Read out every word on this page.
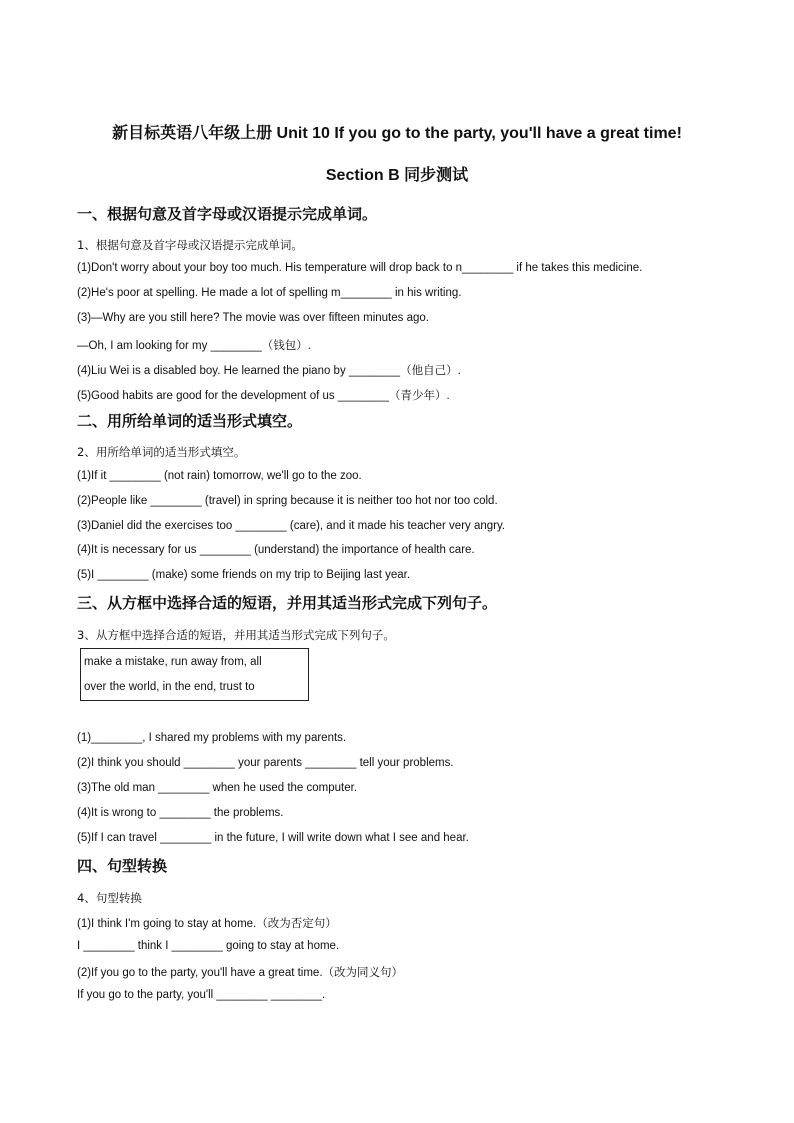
新目标英语八年级上册 Unit 10 If you go to the party, you'll have a great time!
Section B 同步测试
一、根据句意及首字母或汉语提示完成单词。
1、根据句意及首字母或汉语提示完成单词。
(1)Don't worry about your boy too much. His temperature will drop back to n________ if he takes this medicine.
(2)He's poor at spelling. He made a lot of spelling m________ in his writing.
(3)—Why are you still here? The movie was over fifteen minutes ago.
—Oh, I am looking for my ________（钱包）.
(4)Liu Wei is a disabled boy. He learned the piano by ________（他自己）.
(5)Good habits are good for the development of us ________（青少年）.
二、用所给单词的适当形式填空。
2、用所给单词的适当形式填空。
(1)If it ________ (not rain) tomorrow, we'll go to the zoo.
(2)People like ________ (travel) in spring because it is neither too hot nor too cold.
(3)Daniel did the exercises too ________ (care), and it made his teacher very angry.
(4)It is necessary for us ________ (understand) the importance of health care.
(5)I ________ (make) some friends on my trip to Beijing last year.
三、从方框中选择合适的短语，并用其适当形式完成下列句子。
3、从方框中选择合适的短语，并用其适当形式完成下列句子。
make a mistake, run away from, all
over the world, in the end, trust to
(1)________, I shared my problems with my parents.
(2)I think you should ________ your parents ________ tell your problems.
(3)The old man ________ when he used the computer.
(4)It is wrong to ________ the problems.
(5)If I can travel ________ in the future, I will write down what I see and hear.
四、句型转换
4、句型转换
(1)I think I'm going to stay at home.（改为否定句）
I ________ think I ________ going to stay at home.
(2)If you go to the party, you'll have a great time.（改为同义句）
If you go to the party, you'll ________ ________.
